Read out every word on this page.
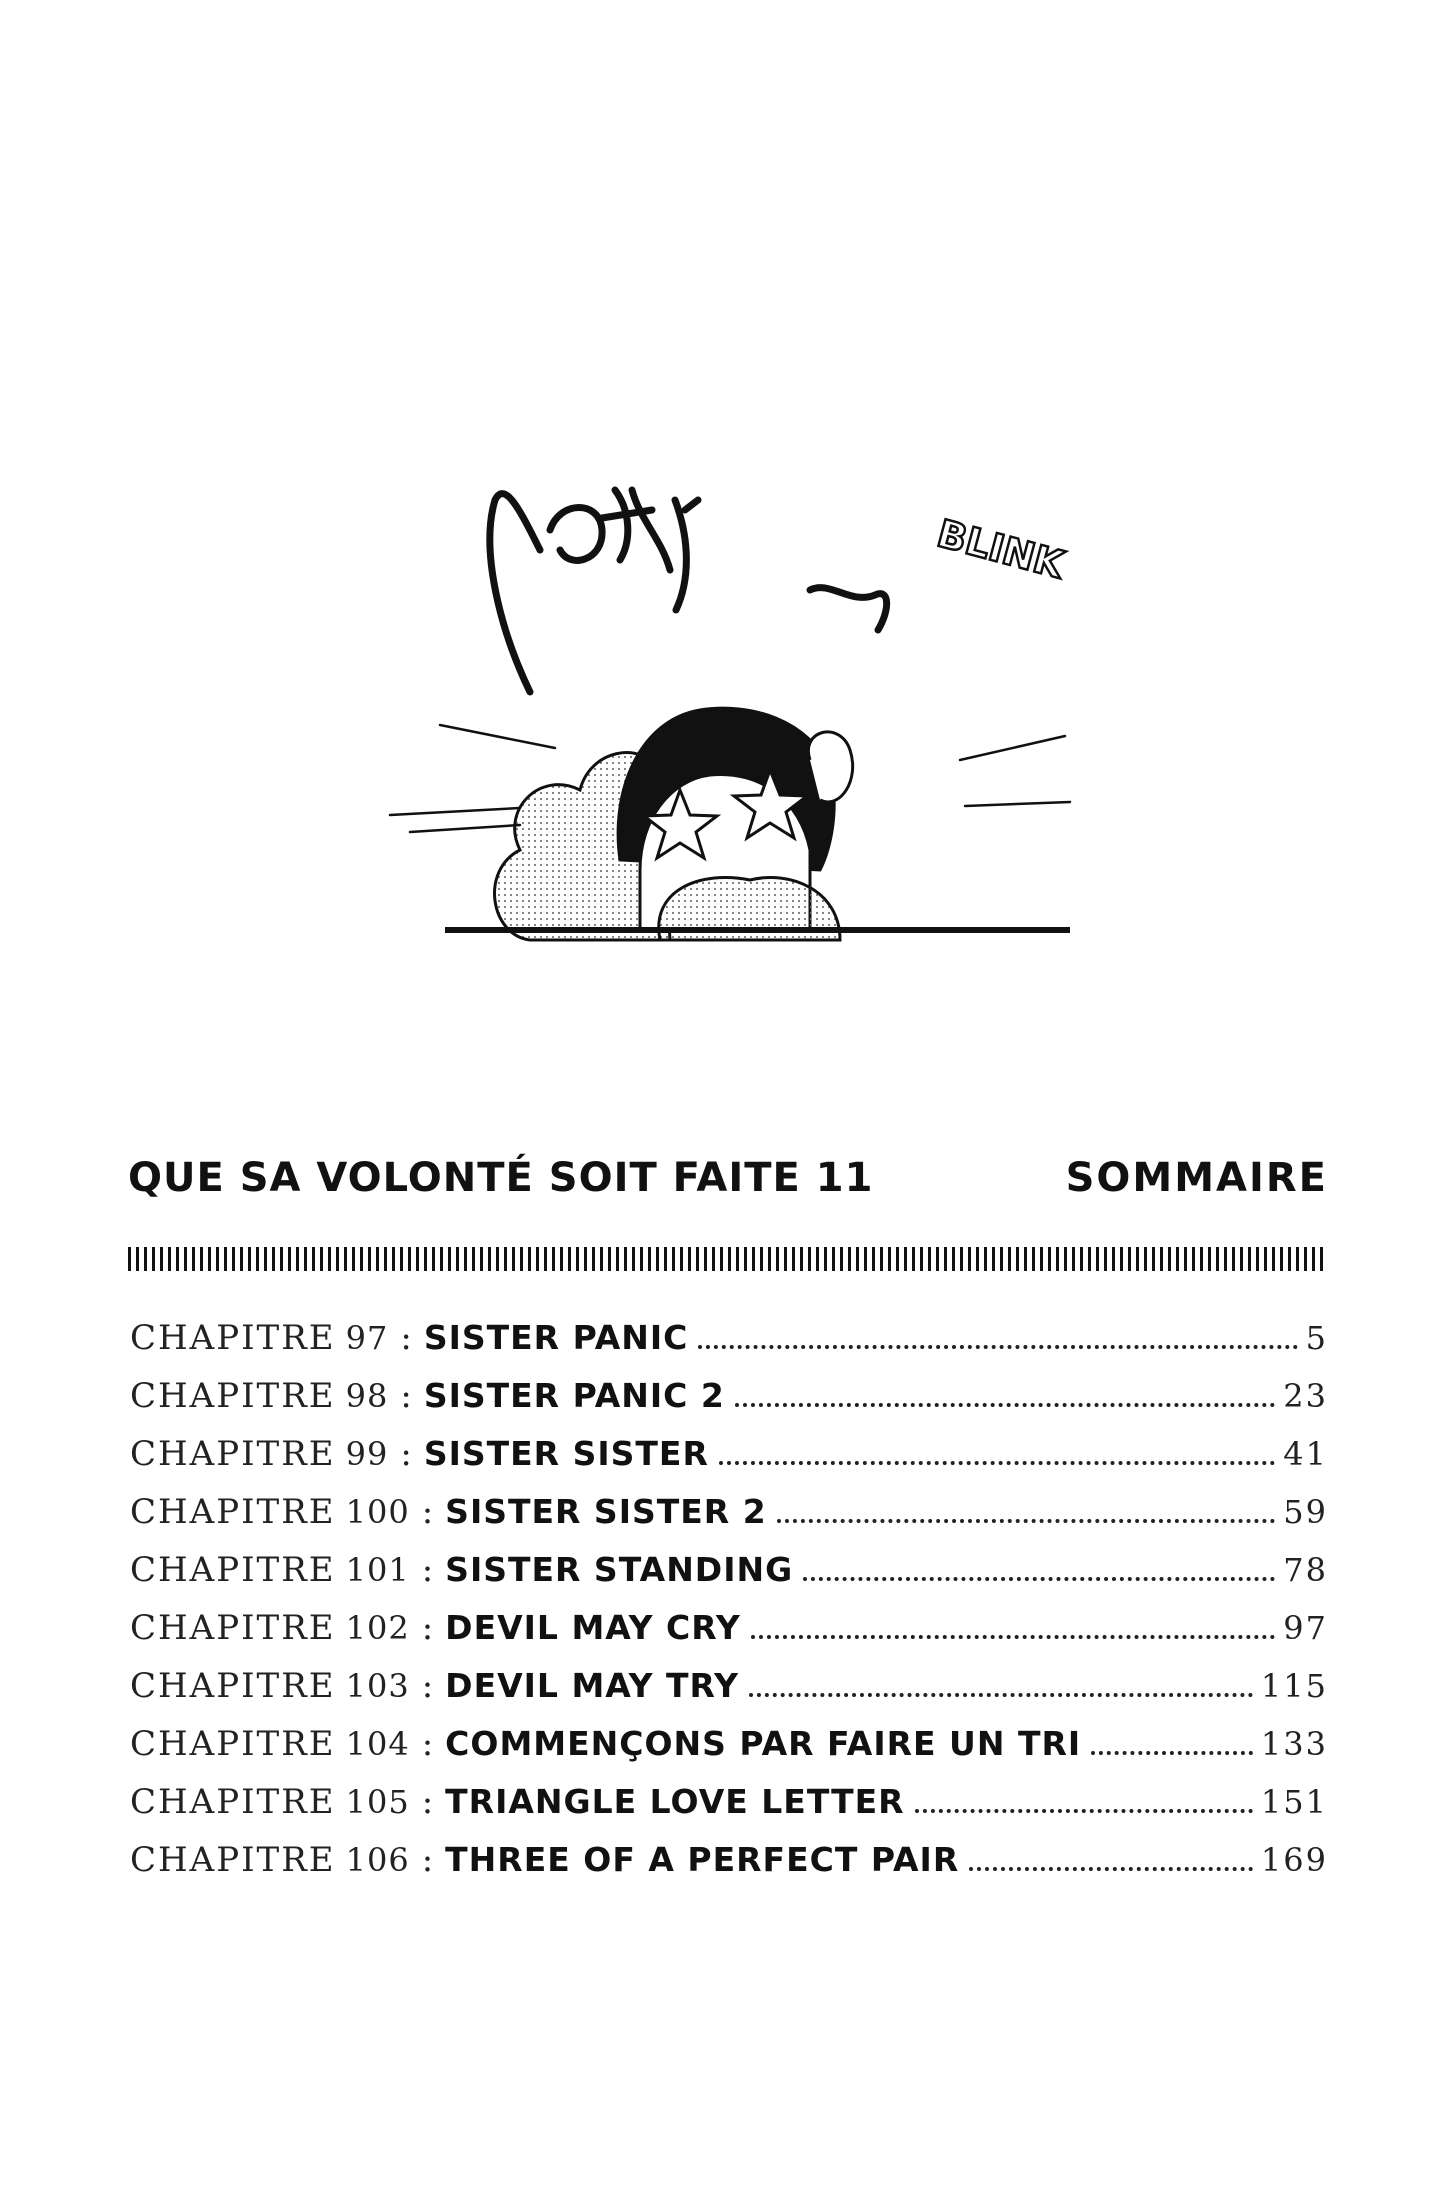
BLINK
QUE SA VOLONTÉ SOIT FAITE 11	SOMMAIRE
CHAPITRE 97 : SISTER PANIC	5
CHAPITRE 98 : SISTER PANIC 2	23
CHAPITRE 99 : SISTER SISTER	41
CHAPITRE 100 : SISTER SISTER 2	59
CHAPITRE 101 : SISTER STANDING	78
CHAPITRE 102 : DEVIL MAY CRY	97
CHAPITRE 103 : DEVIL MAY TRY	115
CHAPITRE 104 : COMMENÇONS PAR FAIRE UN TRI	133
CHAPITRE 105 : TRIANGLE LOVE LETTER	151
CHAPITRE 106 : THREE OF A PERFECT PAIR	169
